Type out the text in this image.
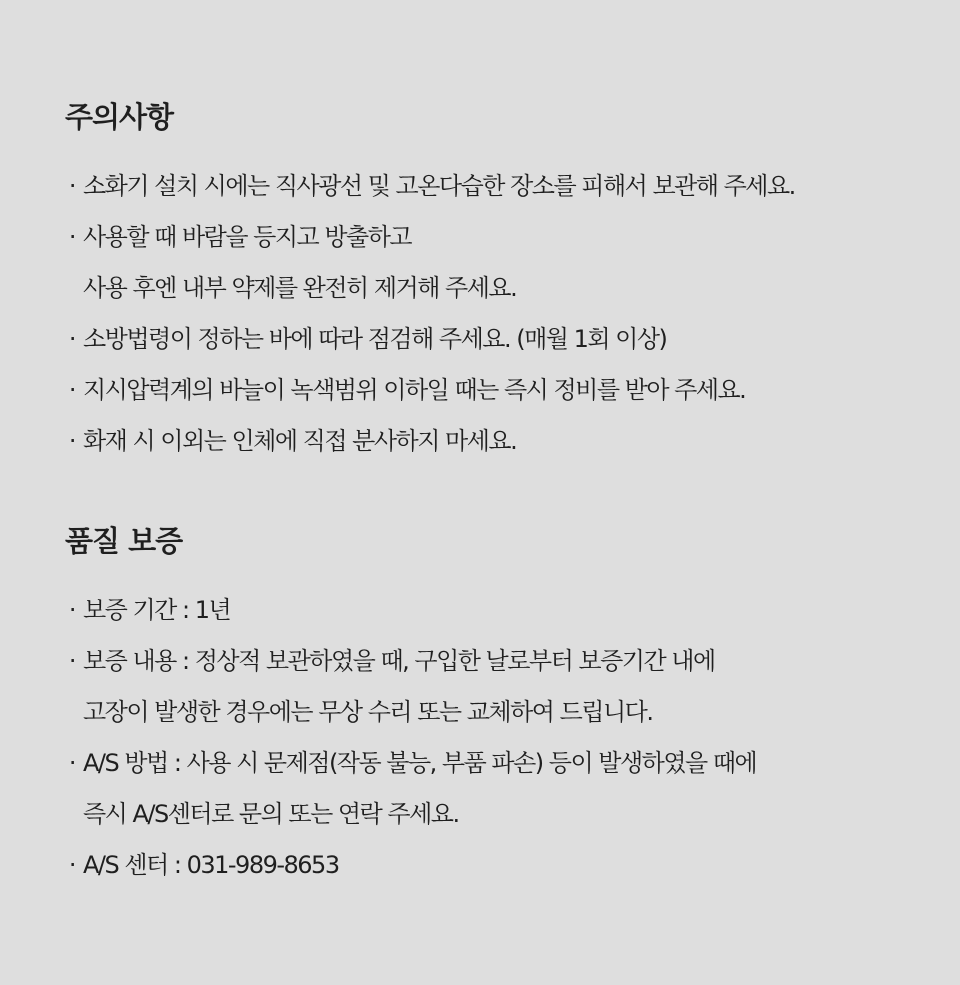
주의사항
· 소화기 설치 시에는 직사광선 및 고온다습한 장소를 피해서 보관해 주세요.
· 사용할 때 바람을 등지고 방출하고
사용 후엔 내부 약제를 완전히 제거해 주세요.
· 소방법령이 정하는 바에 따라 점검해 주세요. (매월 1회 이상)
· 지시압력계의 바늘이 녹색범위 이하일 때는 즉시 정비를 받아 주세요.
· 화재 시 이외는 인체에 직접 분사하지 마세요.
품질 보증
· 보증 기간 : 1년
· 보증 내용 : 정상적 보관하였을 때, 구입한 날로부터 보증기간 내에
고장이 발생한 경우에는 무상 수리 또는 교체하여 드립니다.
· A/S 방법 : 사용 시 문제점(작동 불능, 부품 파손) 등이 발생하였을 때에
즉시 A/S센터로 문의 또는 연락 주세요.
· A/S 센터 : 031-989-8653
